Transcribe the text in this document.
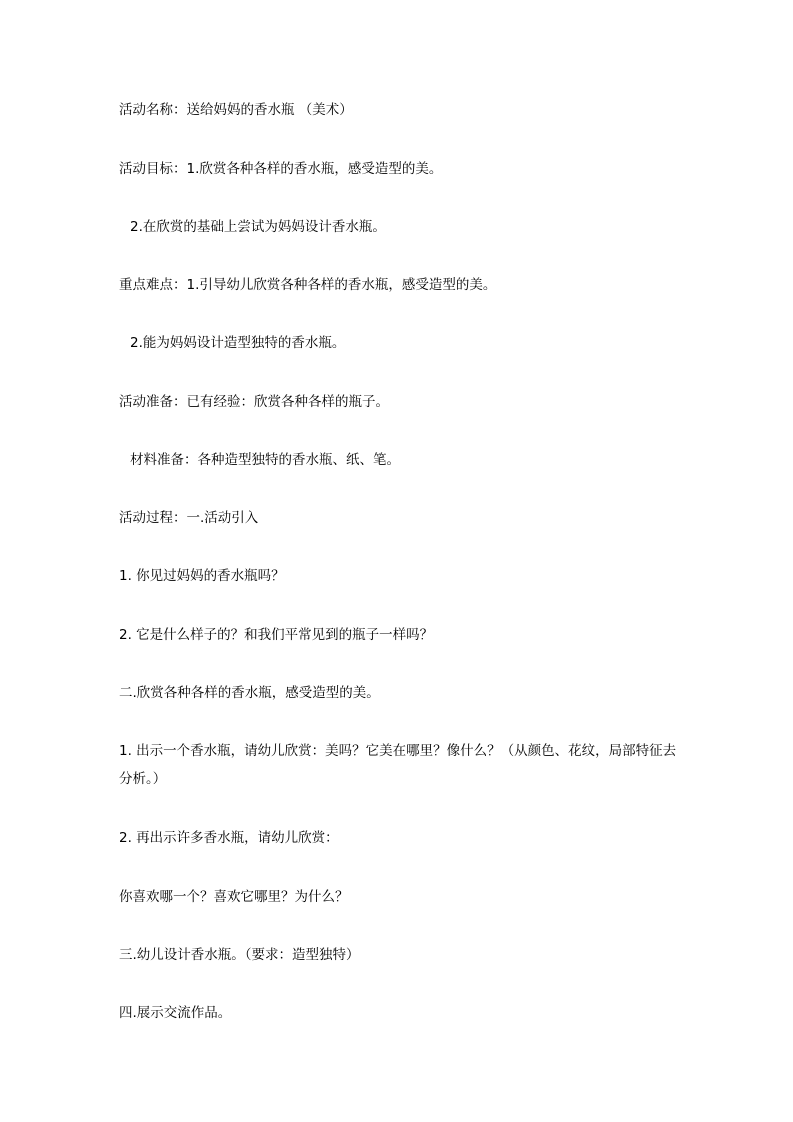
活动名称：送给妈妈的香水瓶 （美术）
活动目标：1.欣赏各种各样的香水瓶，感受造型的美。
2.在欣赏的基础上尝试为妈妈设计香水瓶。
重点难点：1.引导幼儿欣赏各种各样的香水瓶，感受造型的美。
2.能为妈妈设计造型独特的香水瓶。
活动准备：已有经验：欣赏各种各样的瓶子。
材料准备：各种造型独特的香水瓶、纸、笔。
活动过程：一.活动引入
1. 你见过妈妈的香水瓶吗？
2. 它是什么样子的？和我们平常见到的瓶子一样吗？
二.欣赏各种各样的香水瓶，感受造型的美。
1. 出示一个香水瓶，请幼儿欣赏：美吗？它美在哪里？像什么？（从颜色、花纹，局部特征去分析。）
2. 再出示许多香水瓶，请幼儿欣赏：
你喜欢哪一个？喜欢它哪里？为什么？
三.幼儿设计香水瓶。（要求：造型独特）
四.展示交流作品。
